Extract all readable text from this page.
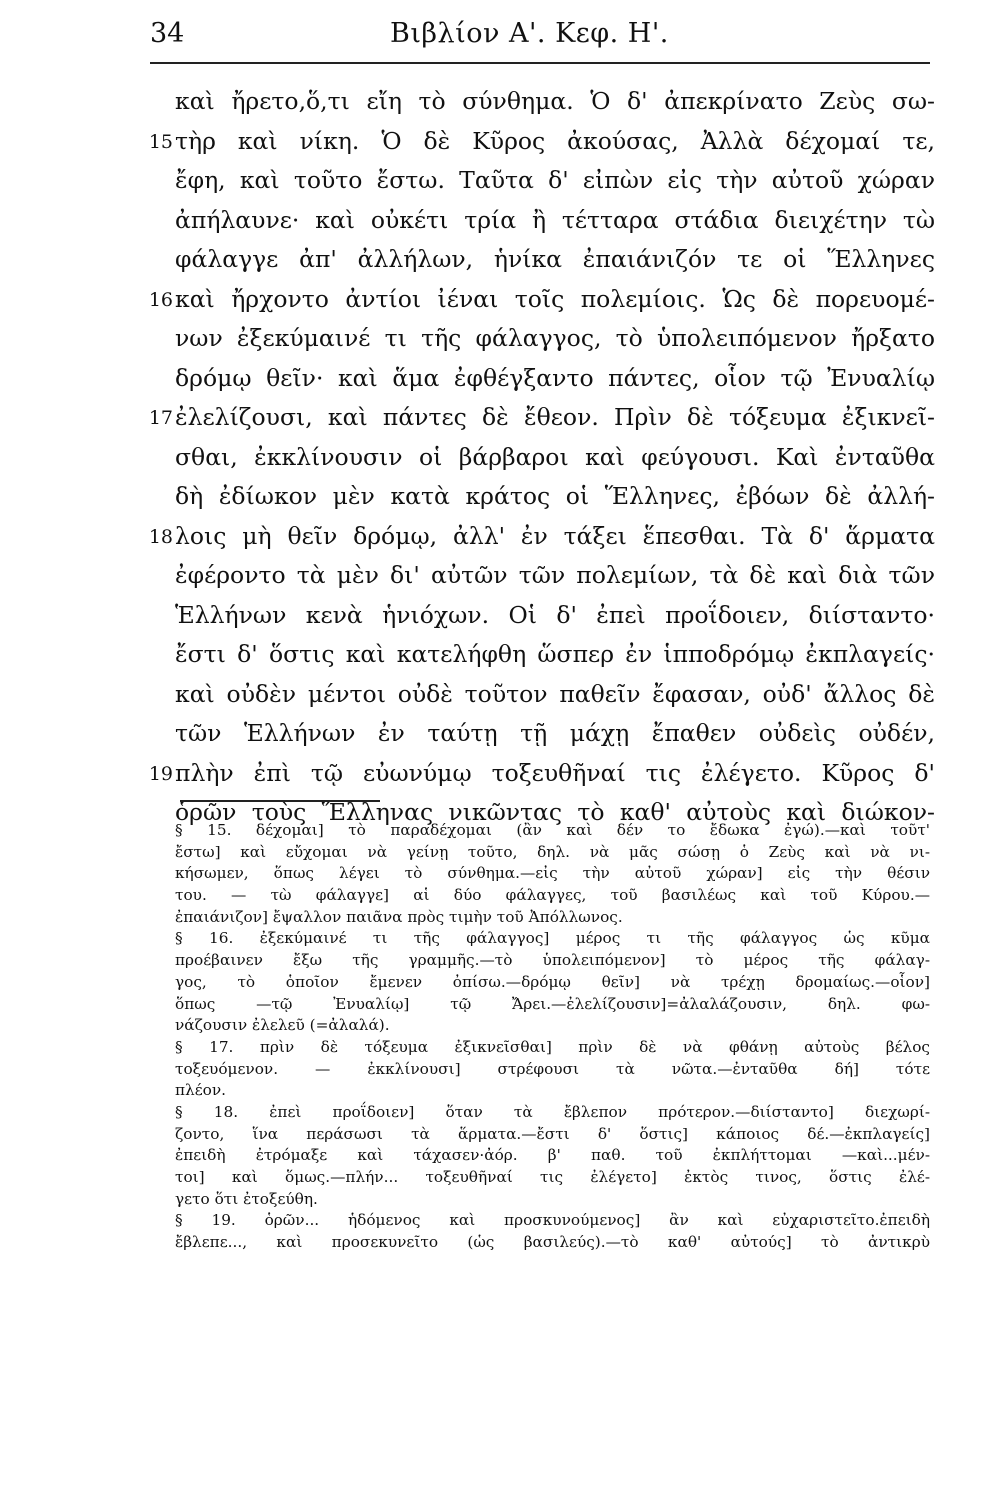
34	Βιβλίον Α'. Κεφ. Η'.
καὶ ἤρετο,ὅ,τι εἴη τὸ σύνθημα. Ὁ δ' ἀπεκρίνατο Ζεὺς σω-
15 τὴρ καὶ νίκη. Ὁ δὲ Κῦρος ἀκούσας, Ἀλλὰ δέχομαί τε,
ἔφη, καὶ τοῦτο ἔστω. Ταῦτα δ' εἰπὼν εἰς τὴν αὐτοῦ χώραν
ἀπήλαυνε· καὶ οὐκέτι τρία ἢ τέτταρα στάδια διειχέτην τὼ
φάλαγγε ἀπ' ἀλλήλων, ἡνίκα ἐπαιάνιζόν τε οἱ Ἕλληνες
16 καὶ ἤρχοντο ἀντίοι ἰέναι τοῖς πολεμίοις. Ὡς δὲ πορευομέ-
νων ἐξεκύμαινέ τι τῆς φάλαγγος, τὸ ὑπολειπόμενον ἤρξατο
δρόμῳ θεῖν· καὶ ἅμα ἐφθέγξαντο πάντες, οἷον τῷ Ἐνυαλίῳ
17 ἐλελίζουσι, καὶ πάντες δὲ ἔθεον. Πρὶν δὲ τόξευμα ἐξικνεῖ-
σθαι, ἐκκλίνουσιν οἱ βάρβαροι καὶ φεύγουσι. Καὶ ἐνταῦθα
δὴ ἐδίωκον μὲν κατὰ κράτος οἱ Ἕλληνες, ἐβόων δὲ ἀλλή-
18 λοις μὴ θεῖν δρόμῳ, ἀλλ' ἐν τάξει ἕπεσθαι. Τὰ δ' ἅρματα
ἐφέροντο τὰ μὲν δι' αὐτῶν τῶν πολεμίων, τὰ δὲ καὶ διὰ τῶν
Ἑλλήνων κενὰ ἡνιόχων. Οἱ δ' ἐπεὶ προΐδοιεν, διίσταντο·
ἔστι δ' ὅστις καὶ κατελήφθη ὥσπερ ἐν ἱπποδρόμῳ ἐκπλαγείς·
καὶ οὐδὲν μέντοι οὐδὲ τοῦτον παθεῖν ἔφασαν, οὐδ' ἄλλος δὲ
τῶν Ἑλλήνων ἐν ταύτῃ τῇ μάχῃ ἔπαθεν οὐδεὶς οὐδέν,
19 πλὴν ἐπὶ τῷ εὐωνύμῳ τοξευθῆναί τις ἐλέγετο. Κῦρος δ'
ὁρῶν τοὺς Ἕλληνας νικῶντας τὸ καθ' αὐτοὺς καὶ διώκον-
§ 15. δέχομαι] τὸ παραδέχομαι (ἂν καὶ δέν το ἔδωκα ἐγώ).—καὶ τοῦτ'
ἔστω] καὶ εὔχομαι νὰ γείνῃ τοῦτο, δηλ. νὰ μᾶς σώσῃ ὁ Ζεὺς καὶ νὰ νι-
κήσωμεν, ὅπως λέγει τὸ σύνθημα.—εἰς τὴν αὐτοῦ χώραν] εἰς τὴν θέσιν
του. — τὼ φάλαγγε] αἱ δύο φάλαγγες, τοῦ βασιλέως καὶ τοῦ Κύρου.—
ἐπαιάνιζον] ἔψαλλον παιᾶνα πρὸς τιμὴν τοῦ Ἀπόλλωνος.
§ 16. ἐξεκύμαινέ τι τῆς φάλαγγος] μέρος τι τῆς φάλαγγος ὡς κῦμα
προέβαινεν ἔξω τῆς γραμμῆς.—τὸ ὑπολειπόμενον] τὸ μέρος τῆς φάλαγ-
γος, τὸ ὁποῖον ἔμενεν ὀπίσω.—δρόμῳ θεῖν] νὰ τρέχῃ δρομαίως.—οἷον]
ὅπως —τῷ Ἐνυαλίῳ] τῷ Ἄρει.—ἐλελίζουσιν]=ἀλαλάζουσιν, δηλ. φω-
νάζουσιν ἐλελεῦ (=ἀλαλά).
§ 17. πρὶν δὲ τόξευμα ἐξικνεῖσθαι] πρὶν δὲ νὰ φθάνῃ αὐτοὺς βέλος
τοξευόμενον. — ἐκκλίνουσι] στρέφουσι τὰ νῶτα.—ἐνταῦθα δή] τότε
πλέον.
§ 18. ἐπεὶ προΐδοιεν] ὅταν τὰ ἔβλεπον πρότερον.—διίσταντο] διεχωρί-
ζοντο, ἵνα περάσωσι τὰ ἅρματα.—ἔστι δ' ὅστις] κάποιος δέ.—ἐκπλαγείς]
ἐπειδὴ ἐτρόμαξε καὶ τάχασεν·ἀόρ. β' παθ. τοῦ ἐκπλήττομαι —καὶ...μέν-
τοι] καὶ ὅμως.—πλήν... τοξευθῆναί τις ἐλέγετο] ἐκτὸς τινος, ὅστις ἐλέ-
γετο ὅτι ἐτοξεύθη.
§ 19. ὁρῶν... ἡδόμενος καὶ προσκυνούμενος] ἂν καὶ εὐχαριστεῖτο.ἐπειδὴ
ἔβλεπε..., καὶ προσεκυνεῖτο (ὡς βασιλεύς).—τὸ καθ' αὐτούς] τὸ ἀντικρὺ
